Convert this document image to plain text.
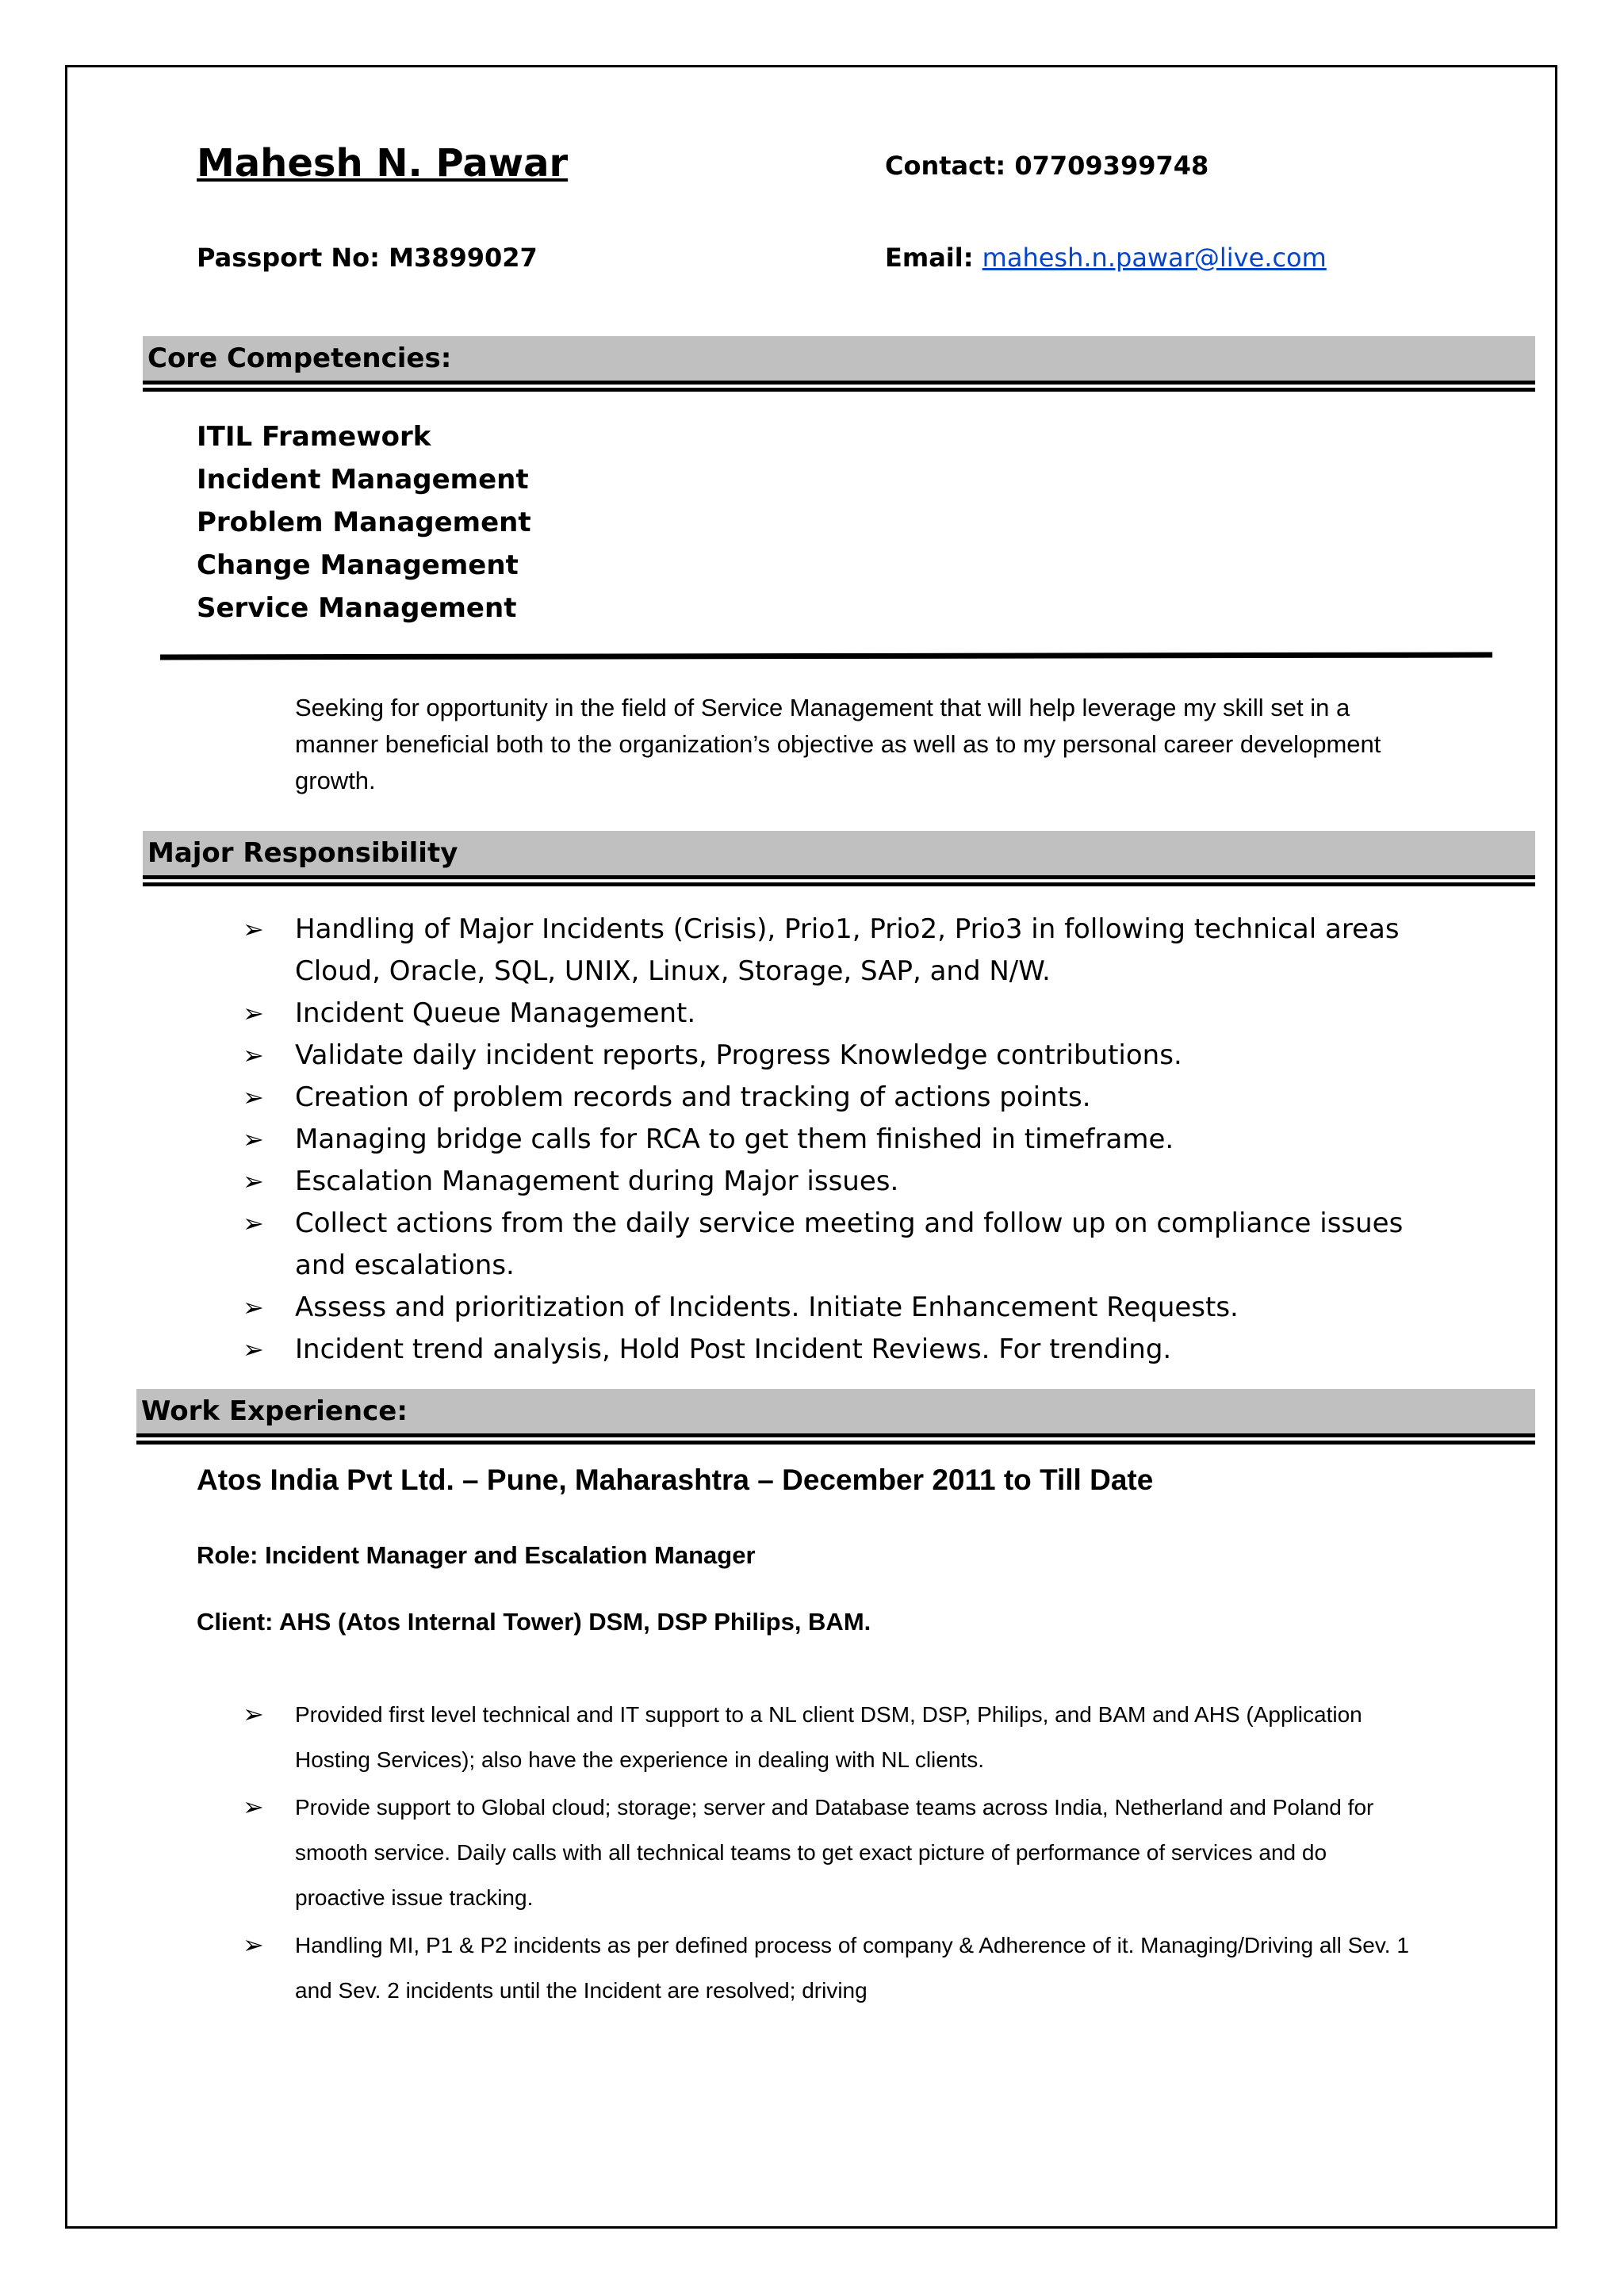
Mahesh N. Pawar	Contact: 07709399748
Passport No: M3899027	Email: mahesh.n.pawar@live.com
Core Competencies:
ITIL Framework
Incident Management
Problem Management
Change Management
Service Management
Seeking for opportunity in the field of Service Management that will help leverage my skill set in a manner beneficial both to the organization’s objective as well as to my personal career development growth.
Major Responsibility
➢ Handling of Major Incidents (Crisis), Prio1, Prio2, Prio3 in following technical areas Cloud, Oracle, SQL, UNIX, Linux, Storage, SAP, and N/W.
➢ Incident Queue Management.
➢ Validate daily incident reports, Progress Knowledge contributions.
➢ Creation of problem records and tracking of actions points.
➢ Managing bridge calls for RCA to get them finished in timeframe.
➢ Escalation Management during Major issues.
➢ Collect actions from the daily service meeting and follow up on compliance issues and escalations.
➢ Assess and prioritization of Incidents. Initiate Enhancement Requests.
➢ Incident trend analysis, Hold Post Incident Reviews. For trending.
Work Experience:
Atos India Pvt Ltd. – Pune, Maharashtra – December 2011 to Till Date
Role: Incident Manager and Escalation Manager
Client: AHS (Atos Internal Tower) DSM, DSP Philips, BAM.
➢ Provided first level technical and IT support to a NL client DSM, DSP, Philips, and BAM and AHS (Application Hosting Services); also have the experience in dealing with NL clients.
➢ Provide support to Global cloud; storage; server and Database teams across India, Netherland and Poland for smooth service. Daily calls with all technical teams to get exact picture of performance of services and do proactive issue tracking.
➢ Handling MI, P1 & P2 incidents as per defined process of company & Adherence of it. Managing/Driving all Sev. 1 and Sev. 2 incidents until the Incident are resolved; driving
